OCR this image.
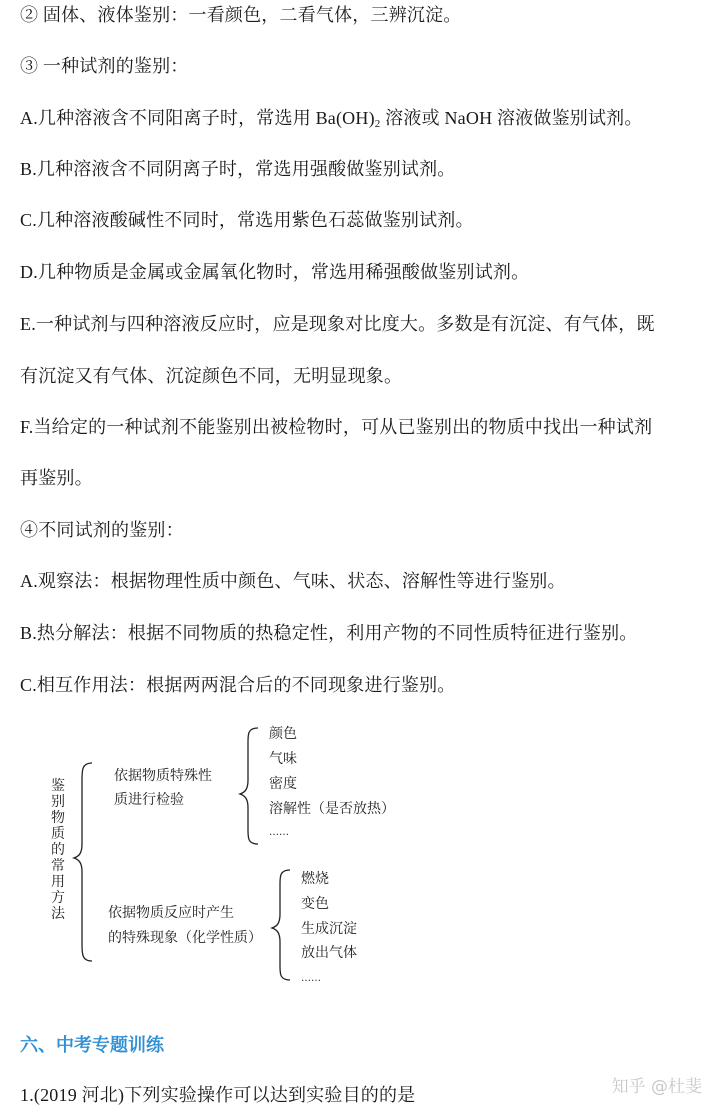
② 固体、液体鉴别：一看颜色，二看气体，三辨沉淀。
③ 一种试剂的鉴别：
A.几种溶液含不同阳离子时，常选用 $Ba(OH)_2$ 溶液或 NaOH 溶液做鉴别试剂。
B.几种溶液含不同阴离子时，常选用强酸做鉴别试剂。
C.几种溶液酸碱性不同时，常选用紫色石蕊做鉴别试剂。
D.几种物质是金属或金属氧化物时，常选用稀强酸做鉴别试剂。
E.一种试剂与四种溶液反应时，应是现象对比度大。多数是有沉淀、有气体，既
有沉淀又有气体、沉淀颜色不同，无明显现象。
F.当给定的一种试剂不能鉴别出被检物时，可从已鉴别出的物质中找出一种试剂
再鉴别。
④不同试剂的鉴别：
A.观察法：根据物理性质中颜色、气味、状态、溶解性等进行鉴别。
B.热分解法：根据不同物质的热稳定性，利用产物的不同性质特征进行鉴别。
C.相互作用法：根据两两混合后的不同现象进行鉴别。
鉴别物质的常用方法
依据物质特殊性
质进行检验
颜色
气味
密度
溶解性（是否放热）
……
依据物质反应时产生
的特殊现象（化学性质）
燃烧
变色
生成沉淀
放出气体
……
六、中考专题训练
1.(2019 河北)下列实验操作可以达到实验目的的是	知乎 @杜斐
